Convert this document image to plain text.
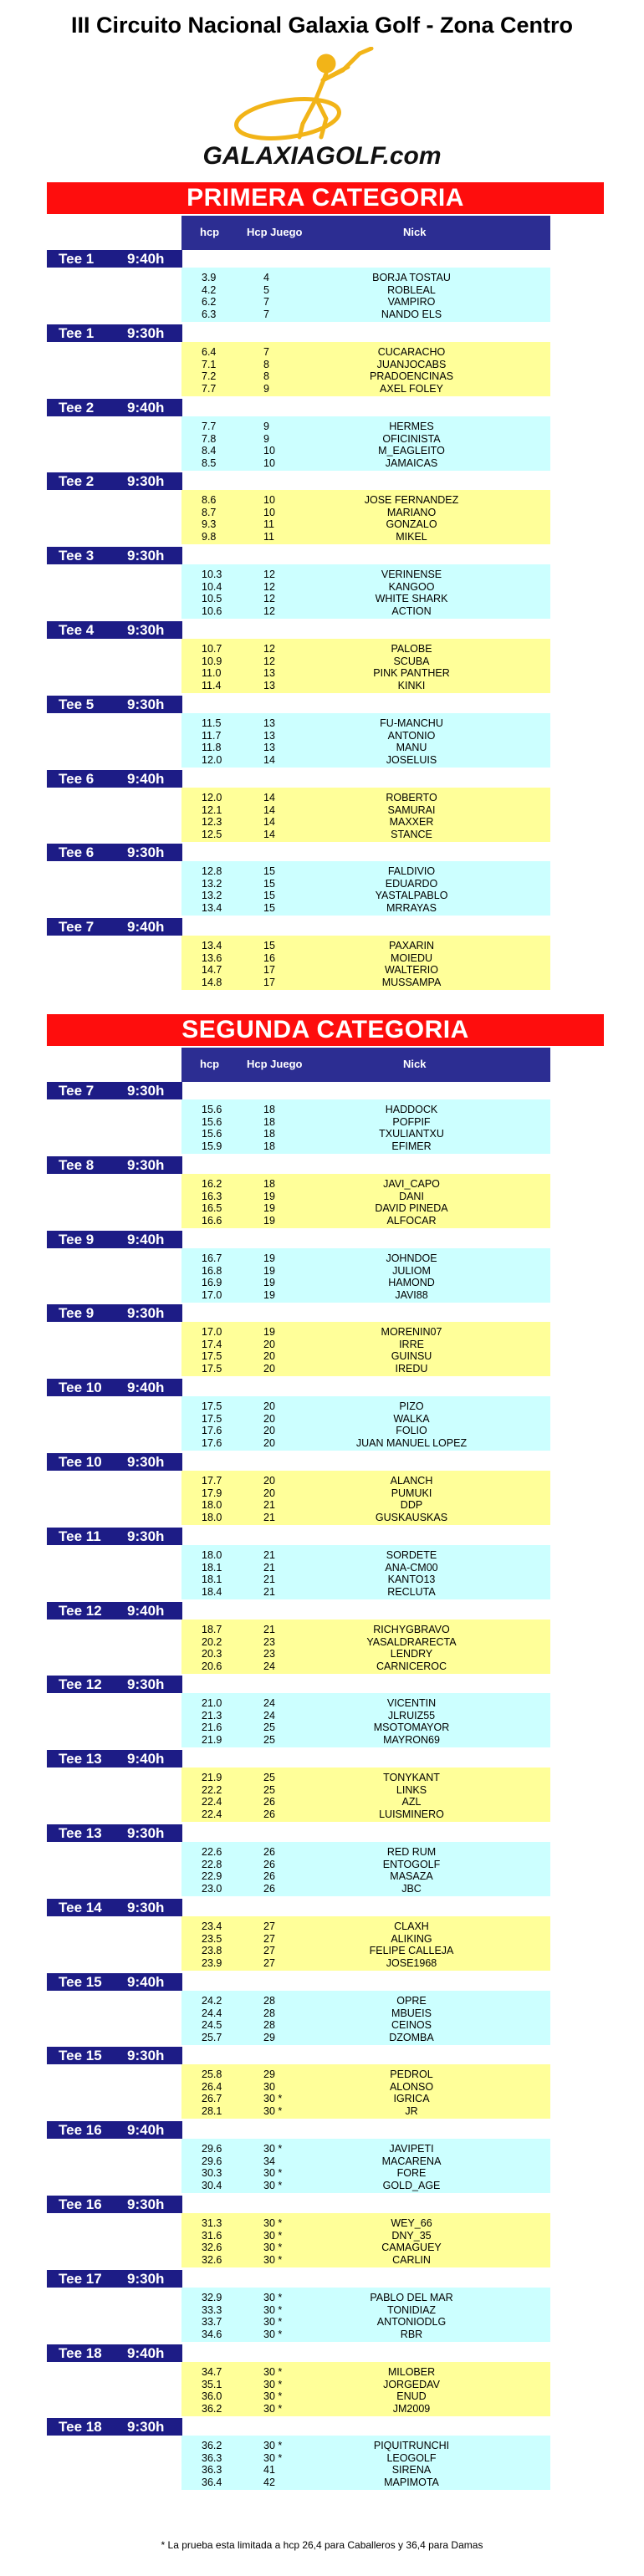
III Circuito Nacional Galaxia Golf - Zona Centro
GALAXIAGOLF.com
PRIMERA CATEGORIA
hcp	Hcp Juego	Nick
Tee 1 9:40h
3.9	4	BORJA TOSTAU
4.2	5	ROBLEAL
6.2	7	VAMPIRO
6.3	7	NANDO ELS
Tee 1 9:30h
6.4	7	CUCARACHO
7.1	8	JUANJOCABS
7.2	8	PRADOENCINAS
7.7	9	AXEL FOLEY
Tee 2 9:40h
7.7	9	HERMES
7.8	9	OFICINISTA
8.4	10	M_EAGLEITO
8.5	10	JAMAICAS
Tee 2 9:30h
8.6	10	JOSE FERNANDEZ
8.7	10	MARIANO
9.3	11	GONZALO
9.8	11	MIKEL
Tee 3 9:30h
10.3	12	VERINENSE
10.4	12	KANGOO
10.5	12	WHITE SHARK
10.6	12	ACTION
Tee 4 9:30h
10.7	12	PALOBE
10.9	12	SCUBA
11.0	13	PINK PANTHER
11.4	13	KINKI
Tee 5 9:30h
11.5	13	FU-MANCHU
11.7	13	ANTONIO
11.8	13	MANU
12.0	14	JOSELUIS
Tee 6 9:40h
12.0	14	ROBERTO
12.1	14	SAMURAI
12.3	14	MAXXER
12.5	14	STANCE
Tee 6 9:30h
12.8	15	FALDIVIO
13.2	15	EDUARDO
13.2	15	YASTALPABLO
13.4	15	MRRAYAS
Tee 7 9:40h
13.4	15	PAXARIN
13.6	16	MOIEDU
14.7	17	WALTERIO
14.8	17	MUSSAMPA
SEGUNDA CATEGORIA
hcp	Hcp Juego	Nick
Tee 7 9:30h
15.6	18	HADDOCK
15.6	18	POFPIF
15.6	18	TXULIANTXU
15.9	18	EFIMER
Tee 8 9:30h
16.2	18	JAVI_CAPO
16.3	19	DANI
16.5	19	DAVID PINEDA
16.6	19	ALFOCAR
Tee 9 9:40h
16.7	19	JOHNDOE
16.8	19	JULIOM
16.9	19	HAMOND
17.0	19	JAVI88
Tee 9 9:30h
17.0	19	MORENIN07
17.4	20	IRRE
17.5	20	GUINSU
17.5	20	IREDU
Tee 10 9:40h
17.5	20	PIZO
17.5	20	WALKA
17.6	20	FOLIO
17.6	20	JUAN MANUEL LOPEZ
Tee 10 9:30h
17.7	20	ALANCH
17.9	20	PUMUKI
18.0	21	DDP
18.0	21	GUSKAUSKAS
Tee 11 9:30h
18.0	21	SORDETE
18.1	21	ANA-CM00
18.1	21	KANTO13
18.4	21	RECLUTA
Tee 12 9:40h
18.7	21	RICHYGBRAVO
20.2	23	YASALDRARECTA
20.3	23	LENDRY
20.6	24	CARNICEROC
Tee 12 9:30h
21.0	24	VICENTIN
21.3	24	JLRUIZ55
21.6	25	MSOTOMAYOR
21.9	25	MAYRON69
Tee 13 9:40h
21.9	25	TONYKANT
22.2	25	LINKS
22.4	26	AZL
22.4	26	LUISMINERO
Tee 13 9:30h
22.6	26	RED RUM
22.8	26	ENTOGOLF
22.9	26	MASAZA
23.0	26	JBC
Tee 14 9:30h
23.4	27	CLAXH
23.5	27	ALIKING
23.8	27	FELIPE CALLEJA
23.9	27	JOSE1968
Tee 15 9:40h
24.2	28	OPRE
24.4	28	MBUEIS
24.5	28	CEINOS
25.7	29	DZOMBA
Tee 15 9:30h
25.8	29	PEDROL
26.4	30	ALONSO
26.7	30 *	IGRICA
28.1	30 *	JR
Tee 16 9:40h
29.6	30 *	JAVIPETI
29.6	34	MACARENA
30.3	30 *	FORE
30.4	30 *	GOLD_AGE
Tee 16 9:30h
31.3	30 *	WEY_66
31.6	30 *	DNY_35
32.6	30 *	CAMAGUEY
32.6	30 *	CARLIN
Tee 17 9:30h
32.9	30 *	PABLO DEL MAR
33.3	30 *	TONIDIAZ
33.7	30 *	ANTONIODLG
34.6	30 *	RBR
Tee 18 9:40h
34.7	30 *	MILOBER
35.1	30 *	JORGEDAV
36.0	30 *	ENUD
36.2	30 *	JM2009
Tee 18 9:30h
36.2	30 *	PIQUITRUNCHI
36.3	30 *	LEOGOLF
36.3	41	SIRENA
36.4	42	MAPIMOTA
* La prueba esta limitada a hcp 26,4 para Caballeros y 36,4 para Damas
